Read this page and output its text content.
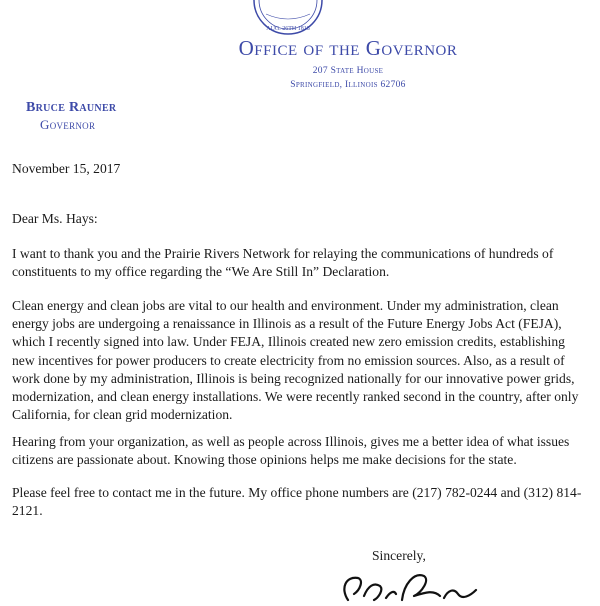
AUG. 26TH 1818
Office of the Governor
207 State House
Springfield, Illinois 62706
Bruce Rauner
Governor
November 15, 2017
Dear Ms. Hays:
I want to thank you and the Prairie Rivers Network for relaying the communications of hundreds of constituents to my office regarding the “We Are Still In” Declaration.
Clean energy and clean jobs are vital to our health and environment. Under my administration, clean energy jobs are undergoing a renaissance in Illinois as a result of the Future Energy Jobs Act (FEJA), which I recently signed into law. Under FEJA, Illinois created new zero emission credits, establishing new incentives for power producers to create electricity from no emission sources. Also, as a result of work done by my administration, Illinois is being recognized nationally for our innovative power grids, modernization, and clean energy installations. We were recently ranked second in the country, after only California, for clean grid modernization.
Hearing from your organization, as well as people across Illinois, gives me a better idea of what issues citizens are passionate about. Knowing those opinions helps me make decisions for the state.
Please feel free to contact me in the future. My office phone numbers are (217) 782-0244 and (312) 814-2121.
Sincerely,
